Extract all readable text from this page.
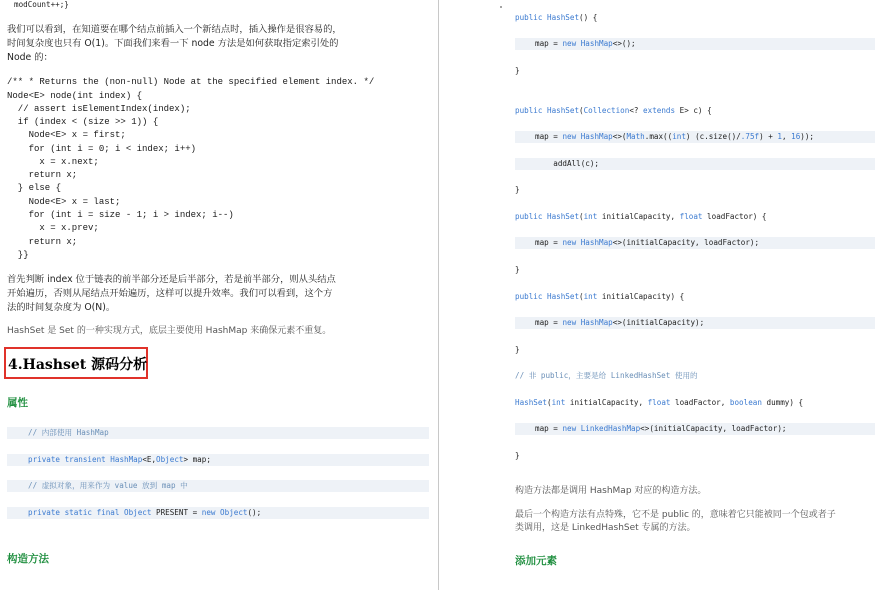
modCount++;}
我们可以看到，在知道要在哪个结点前插入一个新结点时，插入操作是很容易的，
时间复杂度也只有 O(1)。下面我们来看一下 node 方法是如何获取指定索引处的
Node 的：
/** * Returns the (non-null) Node at the specified element index. */
Node<E> node(int index) {
// assert isElementIndex(index);
if (index < (size >> 1)) {
Node<E> x = first;
for (int i = 0; i < index; i++)
x = x.next;
return x;
} else {
Node<E> x = last;
for (int i = size - 1; i > index; i--)
x = x.prev;
return x;
}}
首先判断 index 位于链表的前半部分还是后半部分，若是前半部分，则从头结点
开始遍历，否则从尾结点开始遍历，这样可以提升效率。我们可以看到，这个方
法的时间复杂度为 O(N)。
HashSet 是 Set 的一种实现方式，底层主要使用 HashMap 来确保元素不重复。
4.Hashset 源码分析
属性
// 内部使用 HashMap
private transient HashMap<E,Object> map;
// 虚拟对象，用来作为 value 放到 map 中
private static final Object PRESENT = new Object();
构造方法
public HashSet() {
map = new HashMap<>();
}
public HashSet(Collection<? extends E> c) {
map = new HashMap<>(Math.max((int) (c.size()/.75f) + 1, 16));
addAll(c);
}
public HashSet(int initialCapacity, float loadFactor) {
map = new HashMap<>(initialCapacity, loadFactor);
}
public HashSet(int initialCapacity) {
map = new HashMap<>(initialCapacity);
}
// 非 public，主要是给 LinkedHashSet 使用的
HashSet(int initialCapacity, float loadFactor, boolean dummy) {
map = new LinkedHashMap<>(initialCapacity, loadFactor);
}
构造方法都是调用 HashMap 对应的构造方法。
最后一个构造方法有点特殊，它不是 public 的，意味着它只能被同一个包或者子
类调用，这是 LinkedHashSet 专属的方法。
添加元素
